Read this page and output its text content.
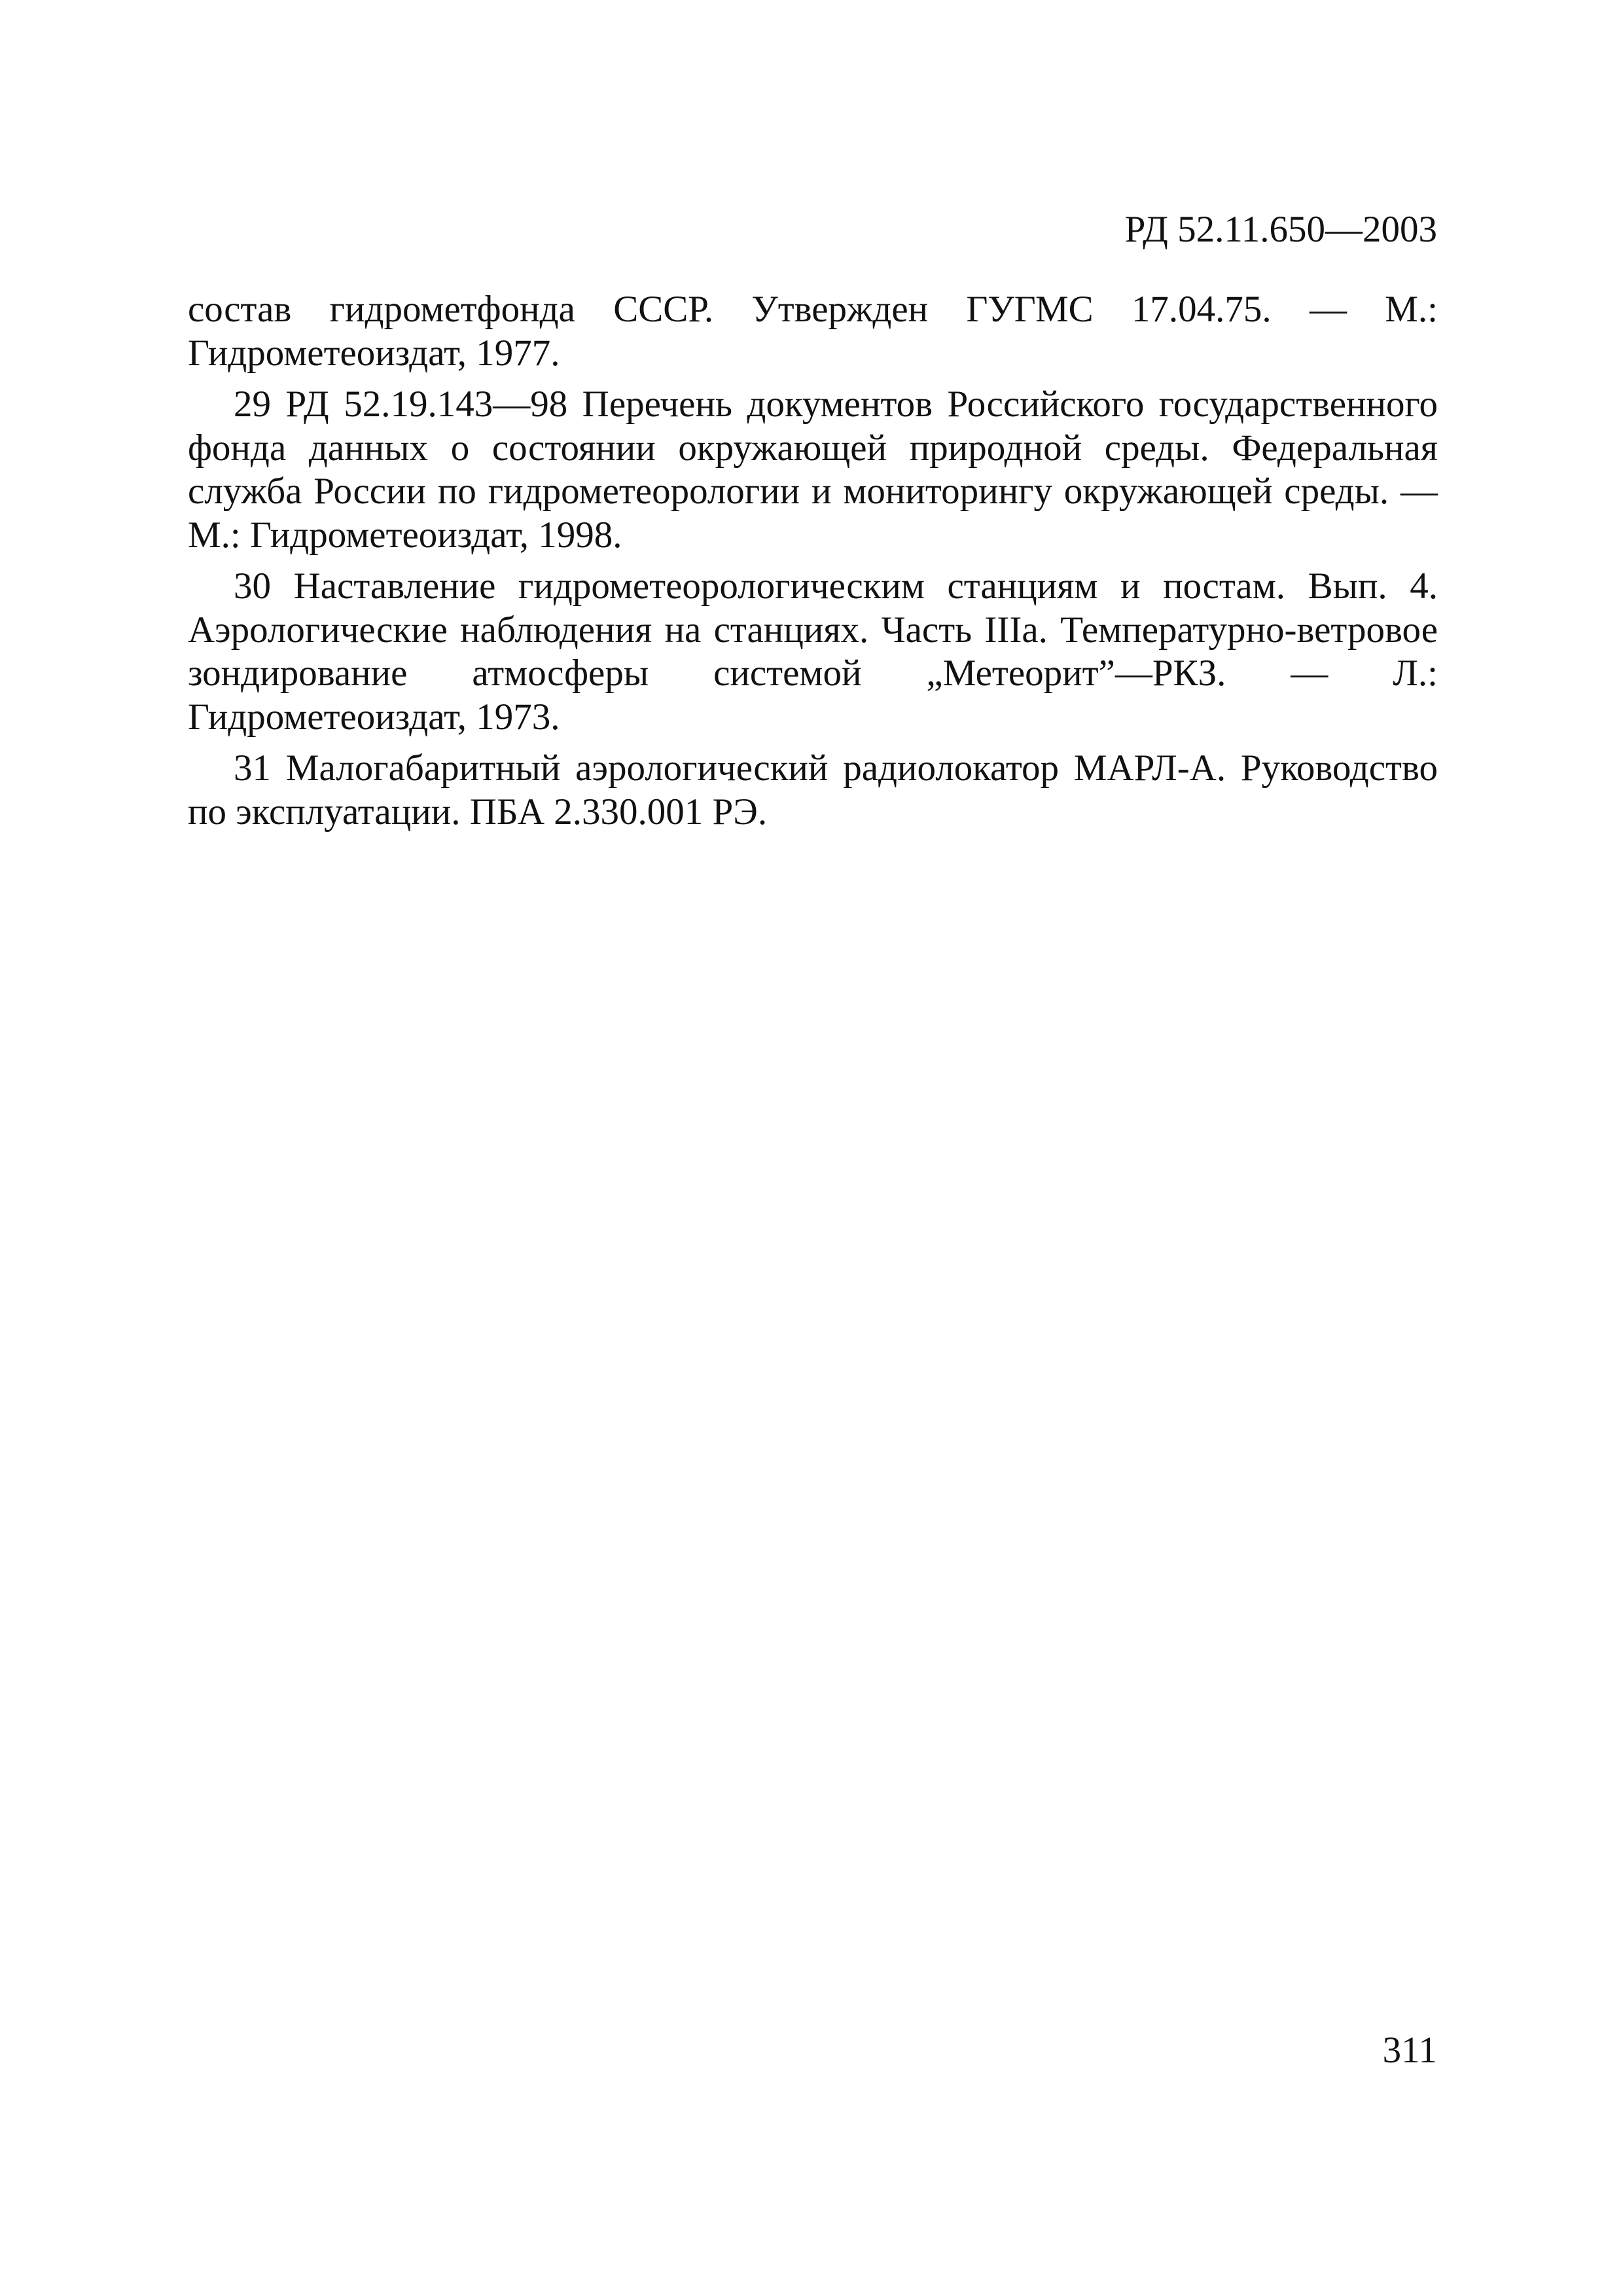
РД 52.11.650—2003

состав гидрометфонда СССР. Утвержден ГУГМС 17.04.75. — М.: Гидрометеоиздат, 1977.

29 РД 52.19.143—98 Перечень документов Российского государственного фонда данных о состоянии окружающей природной среды. Федеральная служба России по гидрометеорологии и мониторингу окружающей среды. — М.: Гидрометеоиздат, 1998.

30 Наставление гидрометеорологическим станциям и постам. Вып. 4. Аэрологические наблюдения на станциях. Часть IIIа. Температурно-ветровое зондирование атмосферы системой „Метеорит”—РКЗ. — Л.: Гидрометеоиздат, 1973.

31 Малогабаритный аэрологический радиолокатор МАРЛ-А. Руководство по эксплуатации. ПБА 2.330.001 РЭ.

311
